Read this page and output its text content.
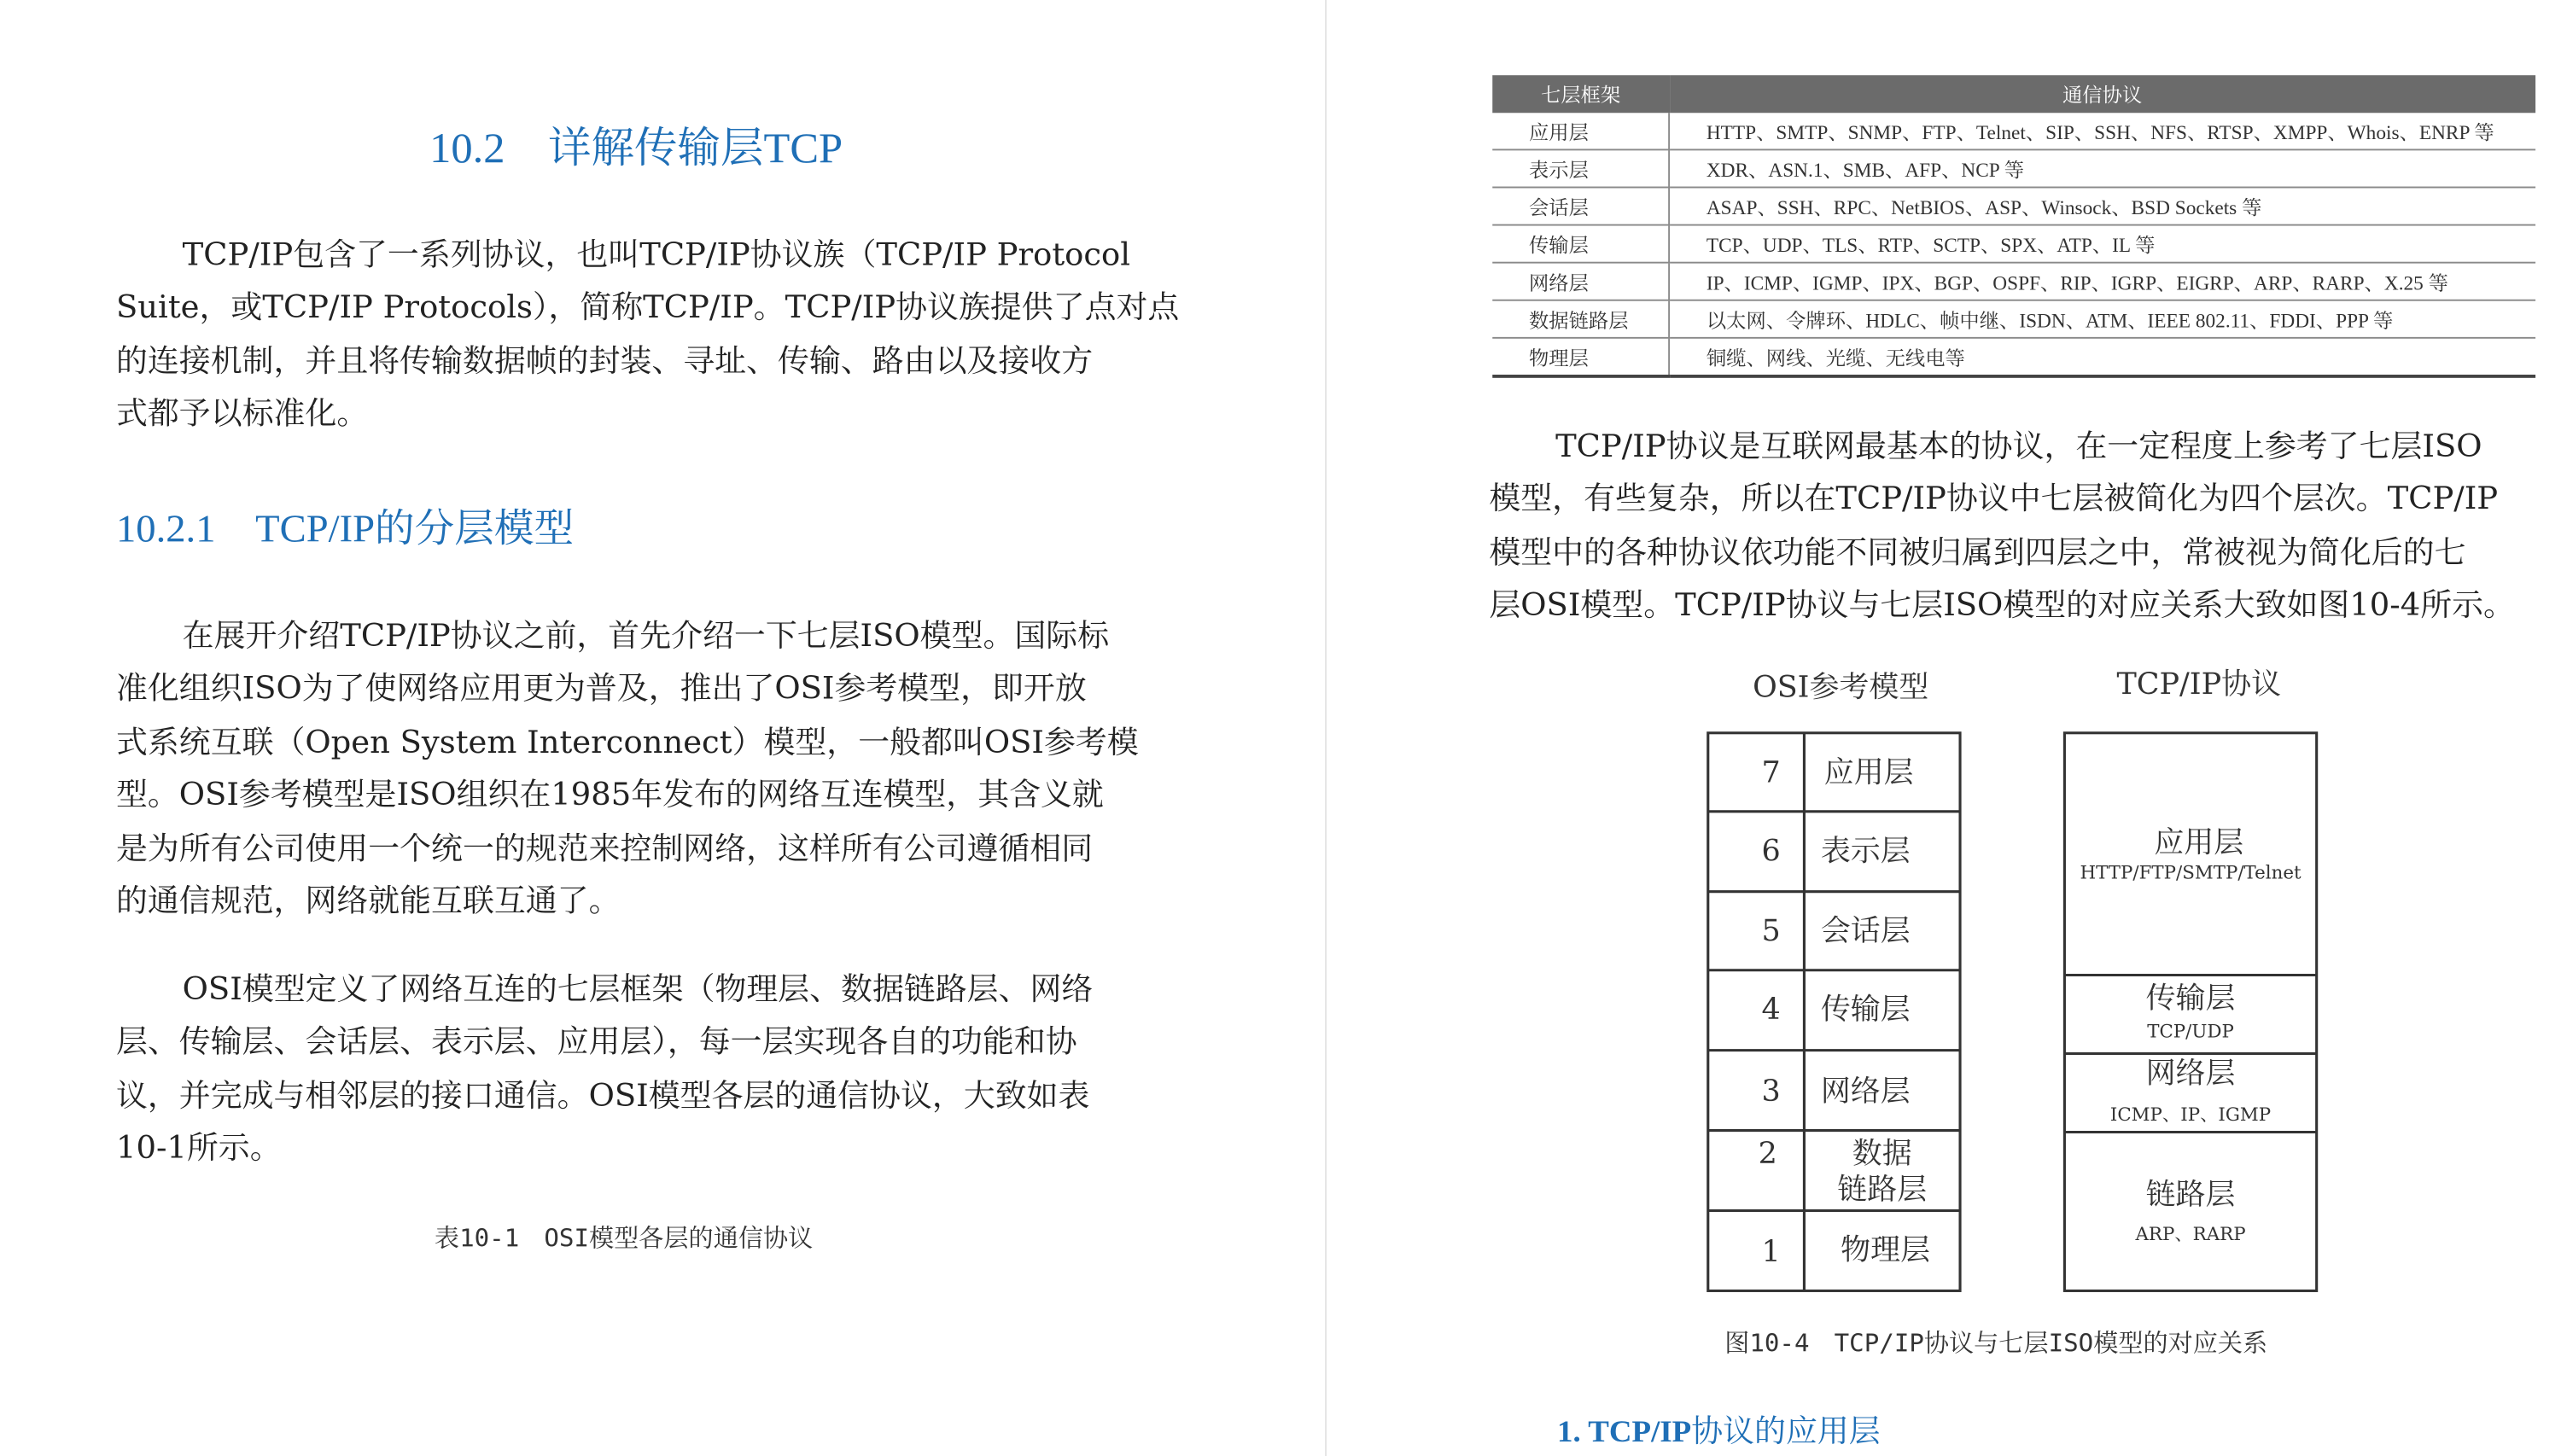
10.2　详解传输层TCP

TCP/IP包含了一系列协议，也叫TCP/IP协议族（TCP/IP Protocol
Suite，或TCP/IP Protocols），简称TCP/IP。TCP/IP协议族提供了点对点
的连接机制，并且将传输数据帧的封装、寻址、传输、路由以及接收方
式都予以标准化。

10.2.1　TCP/IP的分层模型

在展开介绍TCP/IP协议之前，首先介绍一下七层ISO模型。国际标
准化组织ISO为了使网络应用更为普及，推出了OSI参考模型，即开放
式系统互联（Open System Interconnect）模型，一般都叫OSI参考模
型。OSI参考模型是ISO组织在1985年发布的网络互连模型，其含义就
是为所有公司使用一个统一的规范来控制网络，这样所有公司遵循相同
的通信规范，网络就能互联互通了。

OSI模型定义了网络互连的七层框架（物理层、数据链路层、网络
层、传输层、会话层、表示层、应用层），每一层实现各自的功能和协
议，并完成与相邻层的接口通信。OSI模型各层的通信协议，大致如表
10-1所示。

表10-1　OSI模型各层的通信协议
七层框架	通信协议
应用层	HTTP、SMTP、SNMP、FTP、Telnet、SIP、SSH、NFS、RTSP、XMPP、Whois、ENRP 等
表示层	XDR、ASN.1、SMB、AFP、NCP 等
会话层	ASAP、SSH、RPC、NetBIOS、ASP、Winsock、BSD Sockets 等
传输层	TCP、UDP、TLS、RTP、SCTP、SPX、ATP、IL 等
网络层	IP、ICMP、IGMP、IPX、BGP、OSPF、RIP、IGRP、EIGRP、ARP、RARP、X.25 等
数据链路层	以太网、令牌环、HDLC、帧中继、ISDN、ATM、IEEE 802.11、FDDI、PPP 等
物理层	铜缆、网线、光缆、无线电等

TCP/IP协议是互联网最基本的协议，在一定程度上参考了七层ISO
模型，有些复杂，所以在TCP/IP协议中七层被简化为四个层次。TCP/IP
模型中的各种协议依功能不同被归属到四层之中，常被视为简化后的七
层OSI模型。TCP/IP协议与七层ISO模型的对应关系大致如图10-4所示。

OSI参考模型	TCP/IP协议
7	应用层
6	表示层
5	会话层
4	传输层
3	网络层
2	数据链路层
1	物理层
应用层
HTTP/FTP/SMTP/Telnet
传输层
TCP/UDP
网络层
ICMP、IP、IGMP
链路层
ARP、RARP
图10-4　TCP/IP协议与七层ISO模型的对应关系
1. TCP/IP协议的应用层
